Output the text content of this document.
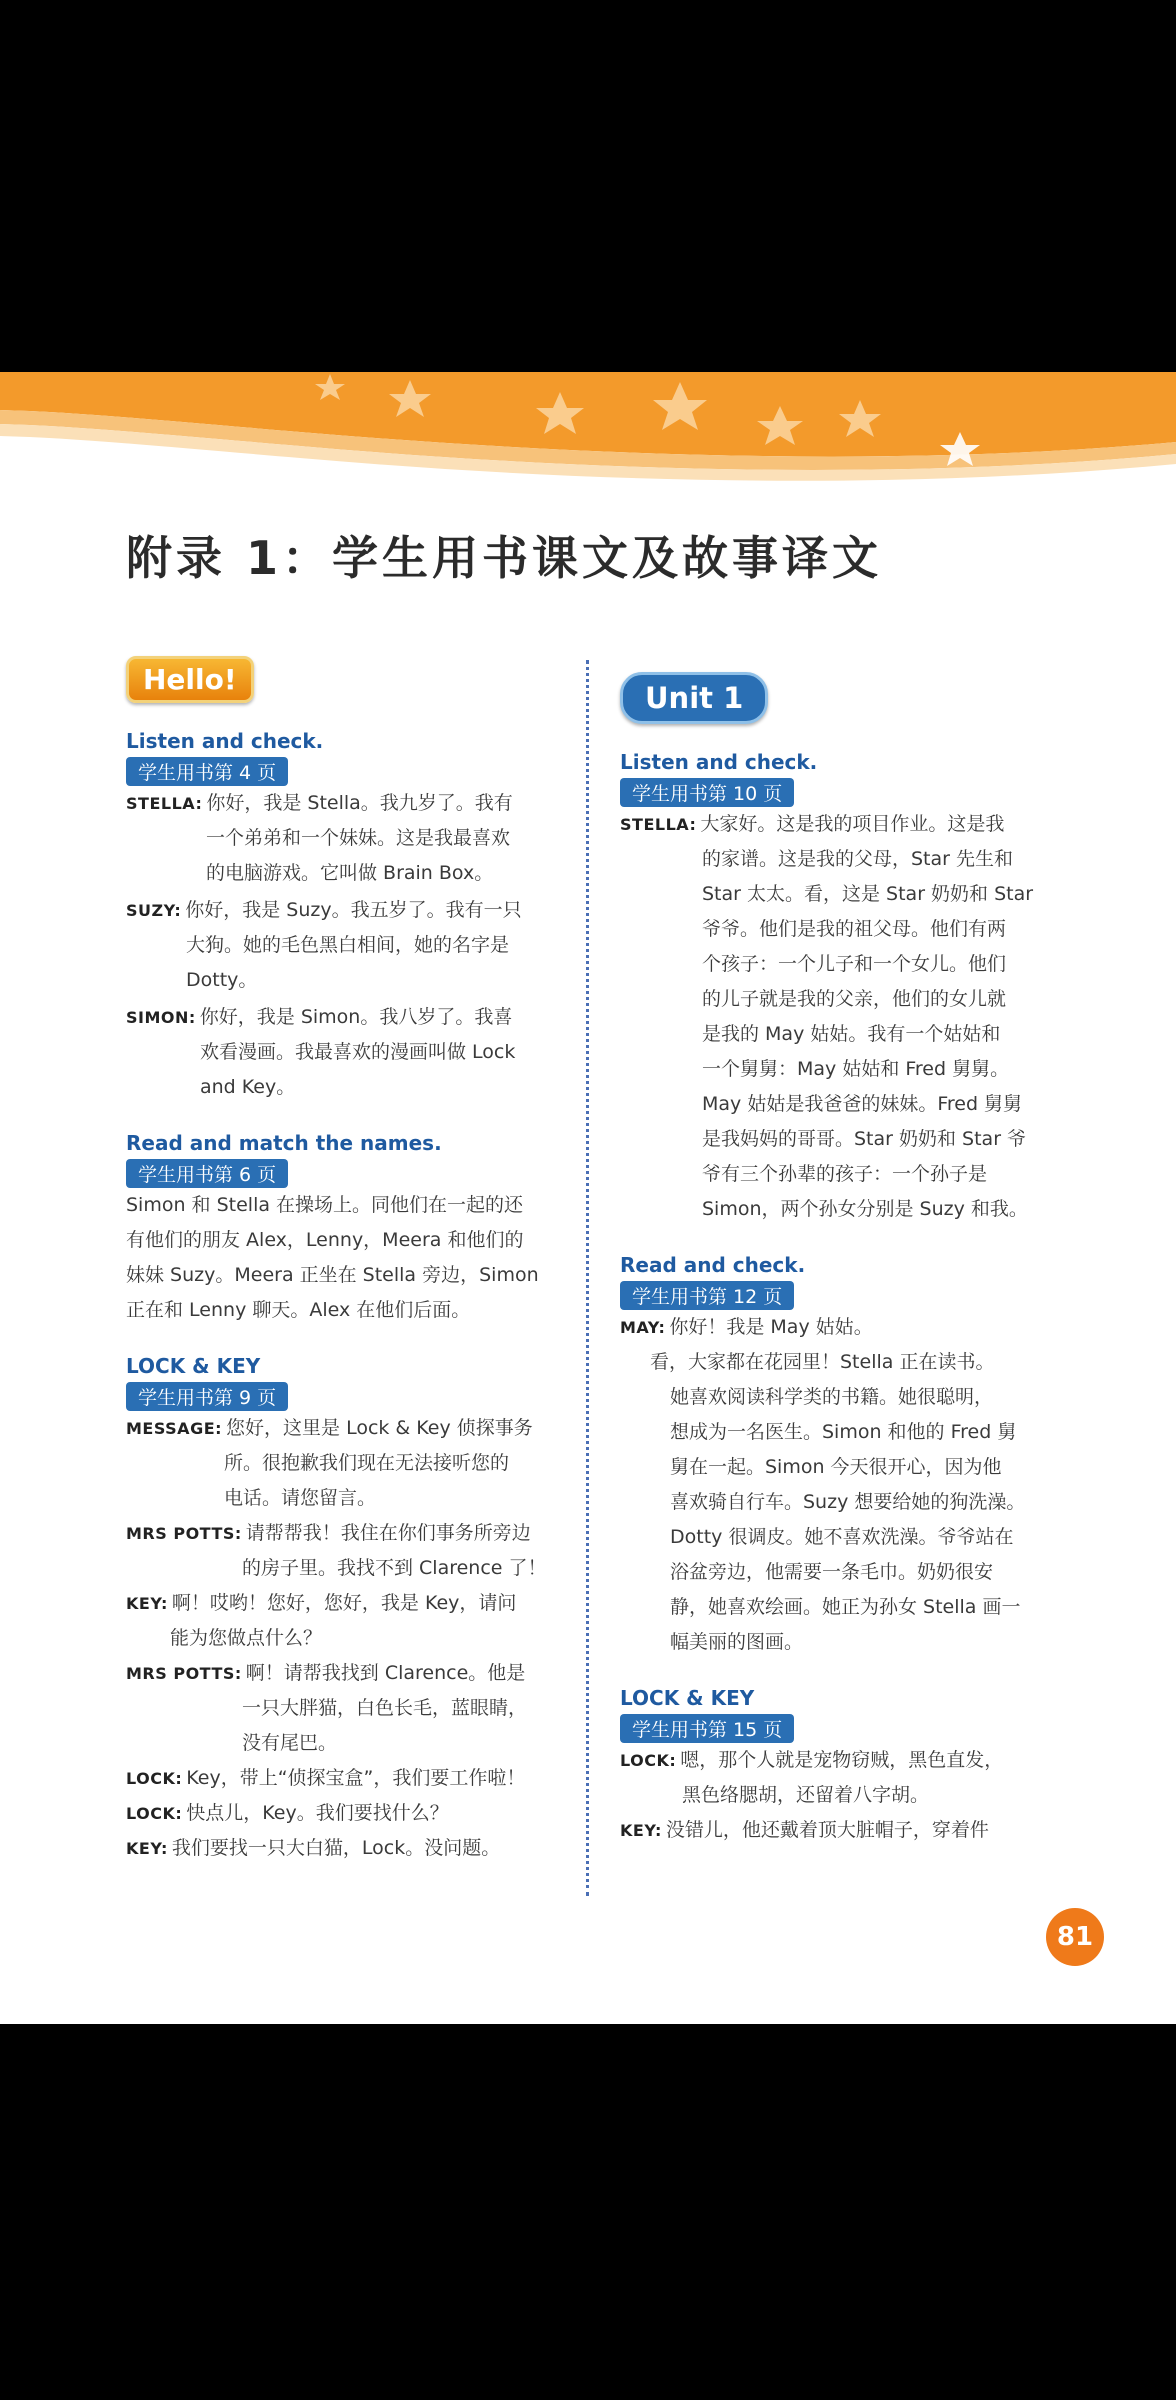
附录 1：学生用书课文及故事译文
Hello!

Listen and check.

学生用书第 4 页

STELLA: 你好，我是 Stella。我九岁了。我有

一个弟弟和一个妹妹。这是我最喜欢

的电脑游戏。它叫做 Brain Box。

SUZY: 你好，我是 Suzy。我五岁了。我有一只

大狗。她的毛色黑白相间，她的名字是

Dotty。

SIMON: 你好，我是 Simon。我八岁了。我喜

欢看漫画。我最喜欢的漫画叫做 Lock

and Key。

Read and match the names.

学生用书第 6 页

Simon 和 Stella 在操场上。同他们在一起的还

有他们的朋友 Alex，Lenny，Meera 和他们的

妹妹 Suzy。Meera 正坐在 Stella 旁边，Simon

正在和 Lenny 聊天。Alex 在他们后面。

LOCK & KEY

学生用书第 9 页

MESSAGE: 您好，这里是 Lock & Key 侦探事务

所。很抱歉我们现在无法接听您的

电话。请您留言。

MRS POTTS: 请帮帮我！我住在你们事务所旁边

的房子里。我找不到 Clarence 了！

KEY: 啊！哎哟！您好，您好，我是 Key，请问

能为您做点什么？

MRS POTTS: 啊！请帮我找到 Clarence。他是

一只大胖猫，白色长毛，蓝眼睛，

没有尾巴。

LOCK: Key，带上“侦探宝盒”，我们要工作啦！

LOCK: 快点儿，Key。我们要找什么？

KEY: 我们要找一只大白猫，Lock。没问题。

Unit 1

Listen and check.

学生用书第 10 页

STELLA: 大家好。这是我的项目作业。这是我

的家谱。这是我的父母，Star 先生和

Star 太太。看，这是 Star 奶奶和 Star

爷爷。他们是我的祖父母。他们有两

个孩子：一个儿子和一个女儿。他们

的儿子就是我的父亲，他们的女儿就

是我的 May 姑姑。我有一个姑姑和

一个舅舅：May 姑姑和 Fred 舅舅。

May 姑姑是我爸爸的妹妹。Fred 舅舅

是我妈妈的哥哥。Star 奶奶和 Star 爷

爷有三个孙辈的孩子：一个孙子是

Simon，两个孙女分别是 Suzy 和我。

Read and check.

学生用书第 12 页

MAY: 你好！我是 May 姑姑。

看，大家都在花园里！Stella 正在读书。

她喜欢阅读科学类的书籍。她很聪明，

想成为一名医生。Simon 和他的 Fred 舅

舅在一起。Simon 今天很开心，因为他

喜欢骑自行车。Suzy 想要给她的狗洗澡。

Dotty 很调皮。她不喜欢洗澡。爷爷站在

浴盆旁边，他需要一条毛巾。奶奶很安

静，她喜欢绘画。她正为孙女 Stella 画一

幅美丽的图画。

LOCK & KEY

学生用书第 15 页

LOCK: 嗯，那个人就是宠物窃贼，黑色直发，

黑色络腮胡，还留着八字胡。

KEY: 没错儿，他还戴着顶大脏帽子，穿着件

81
